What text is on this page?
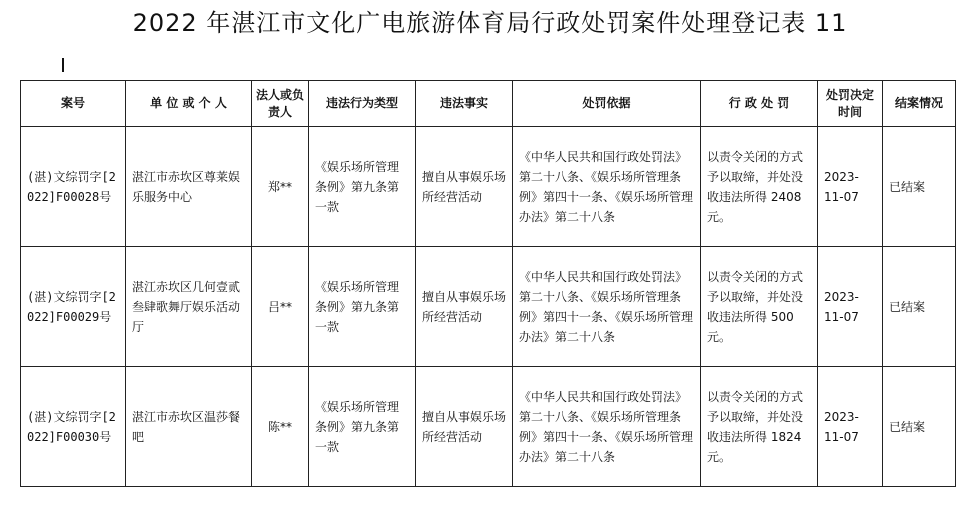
2022 年湛江市文化广电旅游体育局行政处罚案件处理登记表 11
案号	单 位 或 个 人	法人或负责人	违法行为类型	违法事实	处罚依据	行 政 处 罚	处罚决定时间	结案情况
(湛)文综罚字[2022]F00028号	湛江市赤坎区尊莱娱乐服务中心	郑**	《娱乐场所管理条例》第九条第一款	擅自从事娱乐场所经营活动	《中华人民共和国行政处罚法》第二十八条、《娱乐场所管理条例》第四十一条、《娱乐场所管理办法》第二十八条	以责令关闭的方式予以取缔，并处没收违法所得 2408 元。	2023-11-07	已结案
(湛)文综罚字[2022]F00029号	湛江赤坎区几何壹贰叁肆歌舞厅娱乐活动厅	吕**	《娱乐场所管理条例》第九条第一款	擅自从事娱乐场所经营活动	《中华人民共和国行政处罚法》第二十八条、《娱乐场所管理条例》第四十一条、《娱乐场所管理办法》第二十八条	以责令关闭的方式予以取缔，并处没收违法所得 500 元。	2023-11-07	已结案
(湛)文综罚字[2022]F00030号	湛江市赤坎区温莎餐吧	陈**	《娱乐场所管理条例》第九条第一款	擅自从事娱乐场所经营活动	《中华人民共和国行政处罚法》第二十八条、《娱乐场所管理条例》第四十一条、《娱乐场所管理办法》第二十八条	以责令关闭的方式予以取缔，并处没收违法所得 1824 元。	2023-11-07	已结案
